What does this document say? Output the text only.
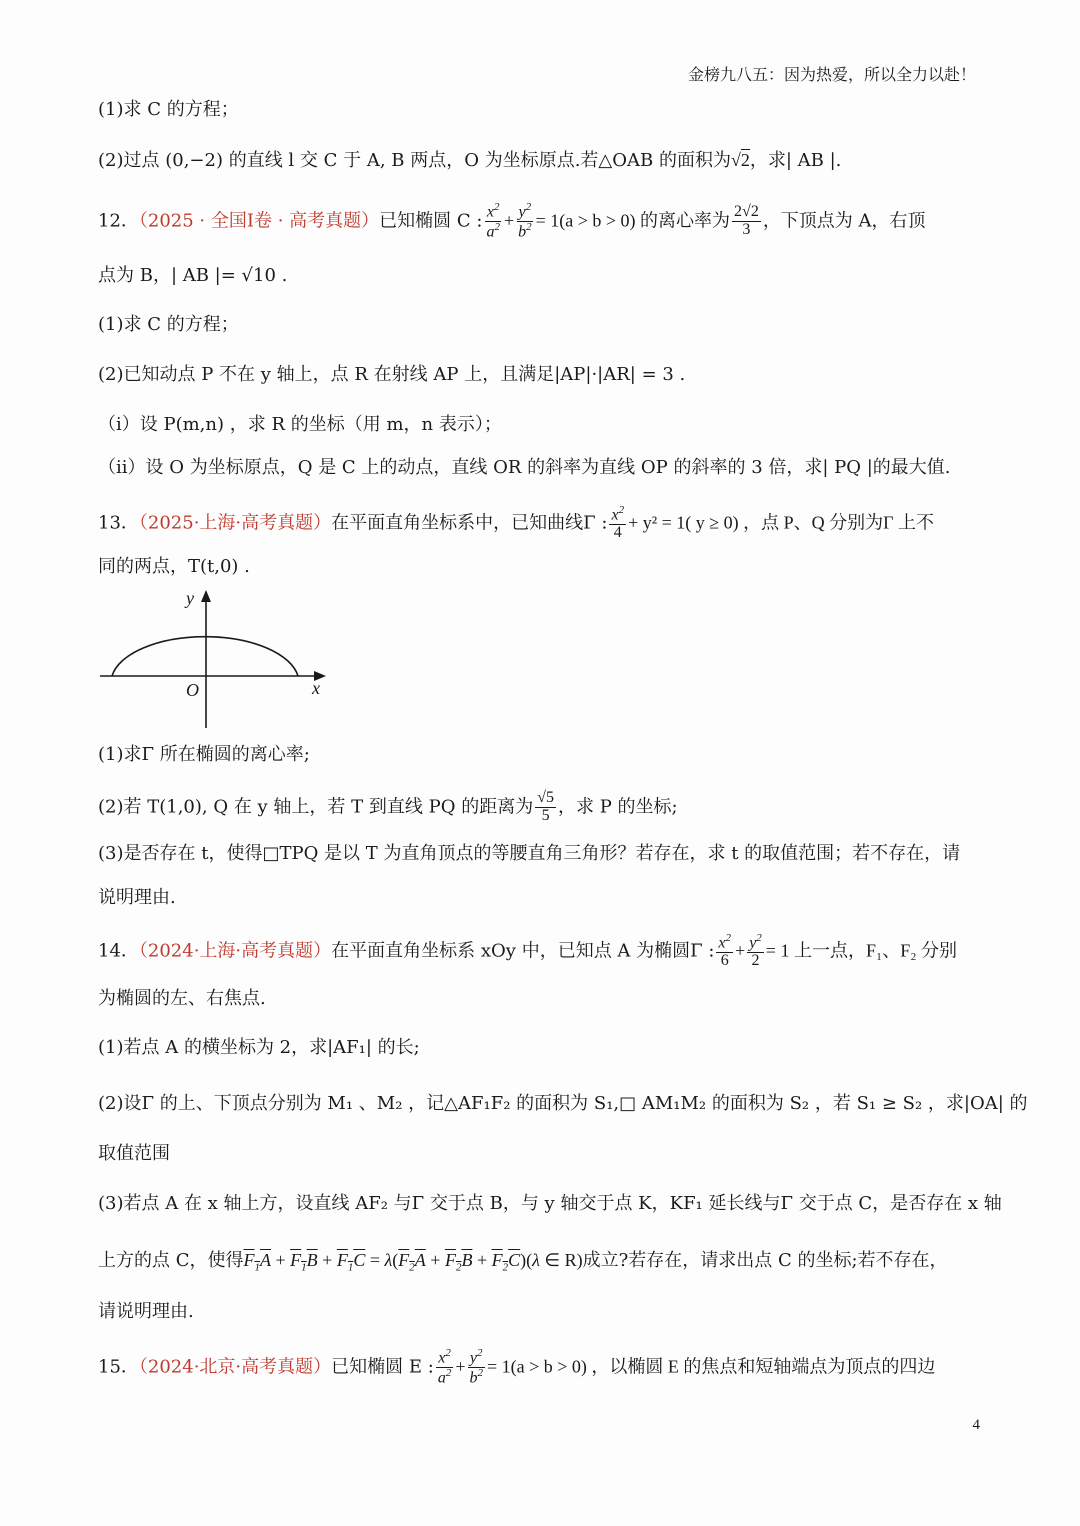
金榜九八五：因为热爱，所以全力以赴！
(1)求 C 的方程；
(2)过点 (0,−2) 的直线 l 交 C 于 A, B 两点，O 为坐标原点.若△OAB 的面积为√2，求| AB |.
12．（2025 · 全国Ⅰ卷 · 高考真题）已知椭圆 C : $\frac{x^2}{a^2} + \frac{y^2}{b^2} = 1(a > b > 0)$ 的离心率为 $\frac{2√2}{3}$ ，下顶点为 A，右顶
点为 B，| AB |= √10 .
(1)求 C 的方程；
(2)已知动点 P 不在 y 轴上，点 R 在射线 AP 上，且满足|AP|·|AR| = 3 .
（i）设 P(m,n) ，求 R 的坐标（用 m，n 表示）；
（ii）设 O 为坐标原点，Q 是 C 上的动点，直线 OR 的斜率为直线 OP 的斜率的 3 倍，求| PQ |的最大值.
13．（2025·上海·高考真题）在平面直角坐标系中，已知曲线Γ : $\frac{x^2}{4} + y^2 = 1$( y ≥ 0) ，点 P、Q 分别为Γ 上不
同的两点，T(t,0) .
y
x
O
(1)求Γ 所在椭圆的离心率;
(2)若 T(1,0), Q 在 y 轴上，若 T 到直线 PQ 的距离为 $\frac{√5}{5}$ ，求 P 的坐标;
(3)是否存在 t，使得□TPQ 是以 T 为直角顶点的等腰直角三角形？若存在，求 t 的取值范围；若不存在，请
说明理由.
14．（2024·上海·高考真题）在平面直角坐标系 xOy 中，已知点 A 为椭圆Γ : $\frac{x^2}{6} + \frac{y^2}{2} = 1$ 上一点，F₁、F₂ 分别
为椭圆的左、右焦点.
(1)若点 A 的横坐标为 2，求|AF₁| 的长;
(2)设Γ 的上、下顶点分别为 M₁ 、M₂ ，记△AF₁F₂ 的面积为 S₁,□ AM₁M₂ 的面积为 S₂ ，若 S₁ ≥ S₂ ，求|OA| 的
取值范围
(3)若点 A 在 x 轴上方，设直线 AF₂ 与Γ 交于点 B，与 y 轴交于点 K，KF₁ 延长线与Γ 交于点 C，是否存在 x 轴
上方的点 C，使得$F_1A + F_1B + F_1C = \lambda(F_2A + F_2B + F_2C)(\lambda$ ∈ R)成立?若存在，请求出点 C 的坐标;若不存在，
请说明理由.
15．（2024·北京·高考真题）已知椭圆 E : $\frac{x^2}{a^2} + \frac{y^2}{b^2} = 1(a > b > 0)$ ，以椭圆 E 的焦点和短轴端点为顶点的四边
4
